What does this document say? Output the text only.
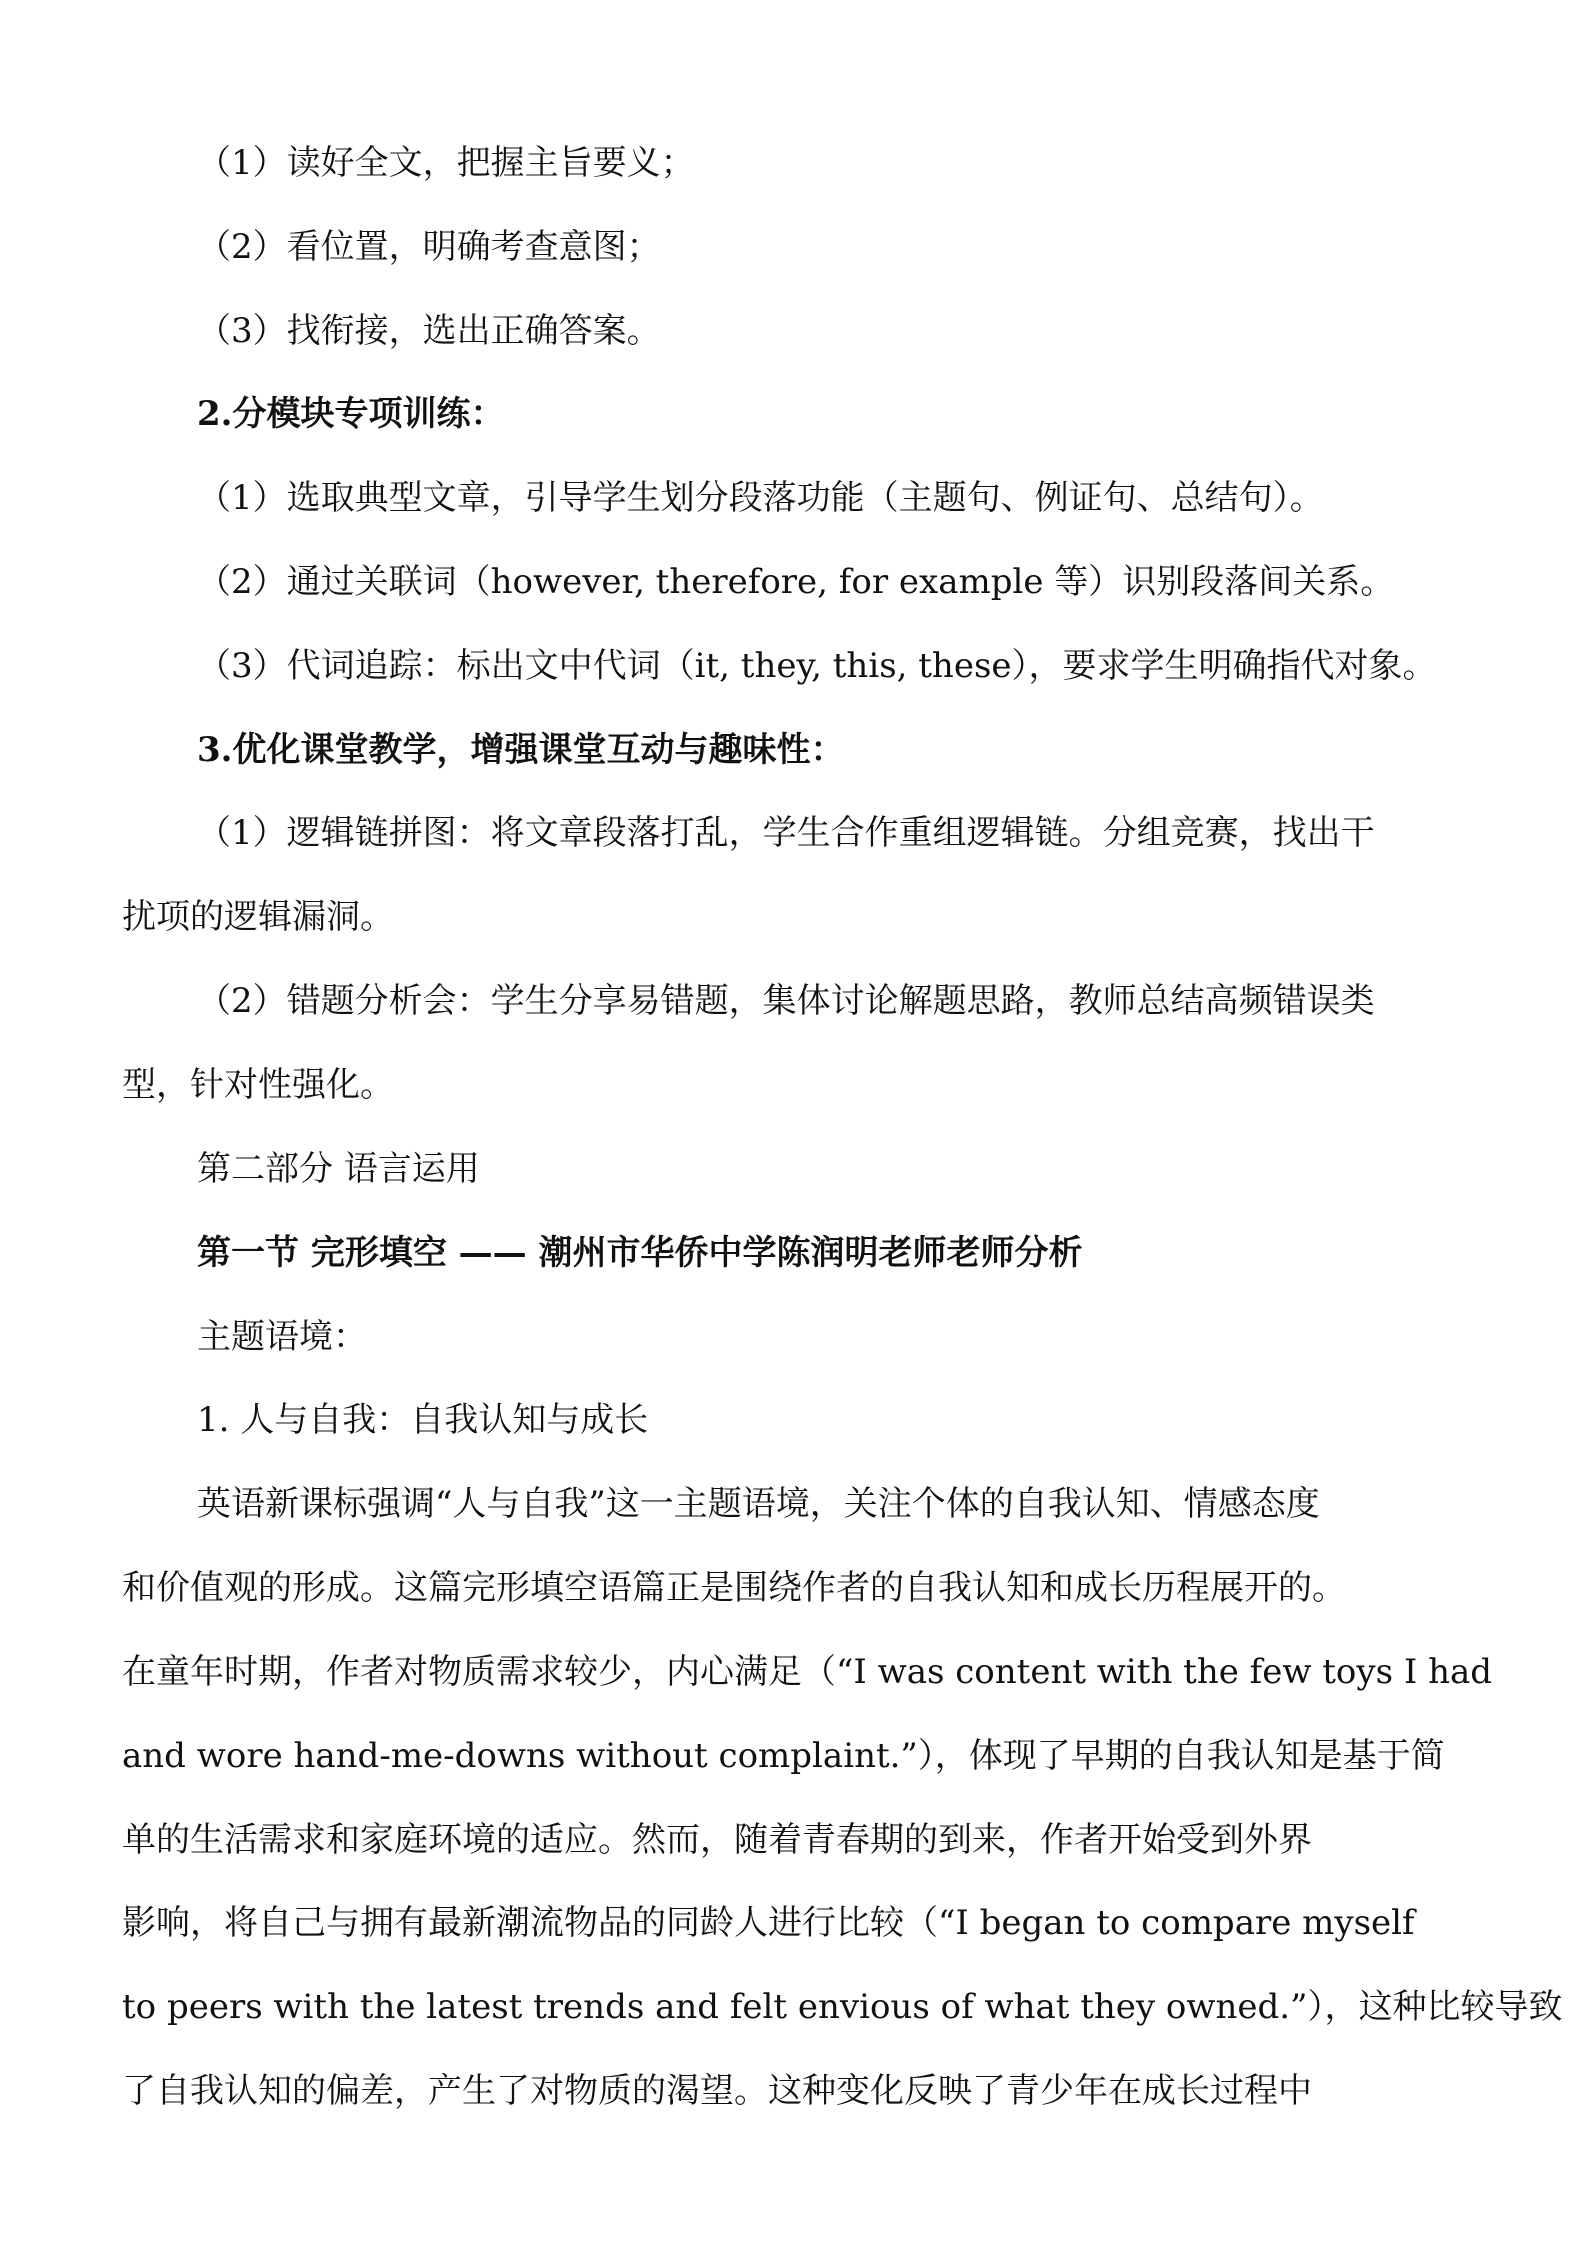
（1）读好全文，把握主旨要义；
（2）看位置，明确考查意图；
（3）找衔接，选出正确答案。
2.分模块专项训练：
（1）选取典型文章，引导学生划分段落功能（主题句、例证句、总结句）。
（2）通过关联词（however, therefore, for example 等）识别段落间关系。
（3）代词追踪：标出文中代词（it, they, this, these），要求学生明确指代对象。
3.优化课堂教学，增强课堂互动与趣味性：
（1）逻辑链拼图：将文章段落打乱，学生合作重组逻辑链。分组竞赛，找出干
扰项的逻辑漏洞。
（2）错题分析会：学生分享易错题，集体讨论解题思路，教师总结高频错误类
型，针对性强化。
第二部分 语言运用
第一节 完形填空 —— 潮州市华侨中学陈润明老师老师分析
主题语境：
1. 人与自我：自我认知与成长
英语新课标强调“人与自我”这一主题语境，关注个体的自我认知、情感态度
和价值观的形成。这篇完形填空语篇正是围绕作者的自我认知和成长历程展开的。
在童年时期，作者对物质需求较少，内心满足（“I was content with the few toys I had
and wore hand-me-downs without complaint.”），体现了早期的自我认知是基于简
单的生活需求和家庭环境的适应。然而，随着青春期的到来，作者开始受到外界
影响，将自己与拥有最新潮流物品的同龄人进行比较（“I began to compare myself
to peers with the latest trends and felt envious of what they owned.”），这种比较导致
了自我认知的偏差，产生了对物质的渴望。这种变化反映了青少年在成长过程中
